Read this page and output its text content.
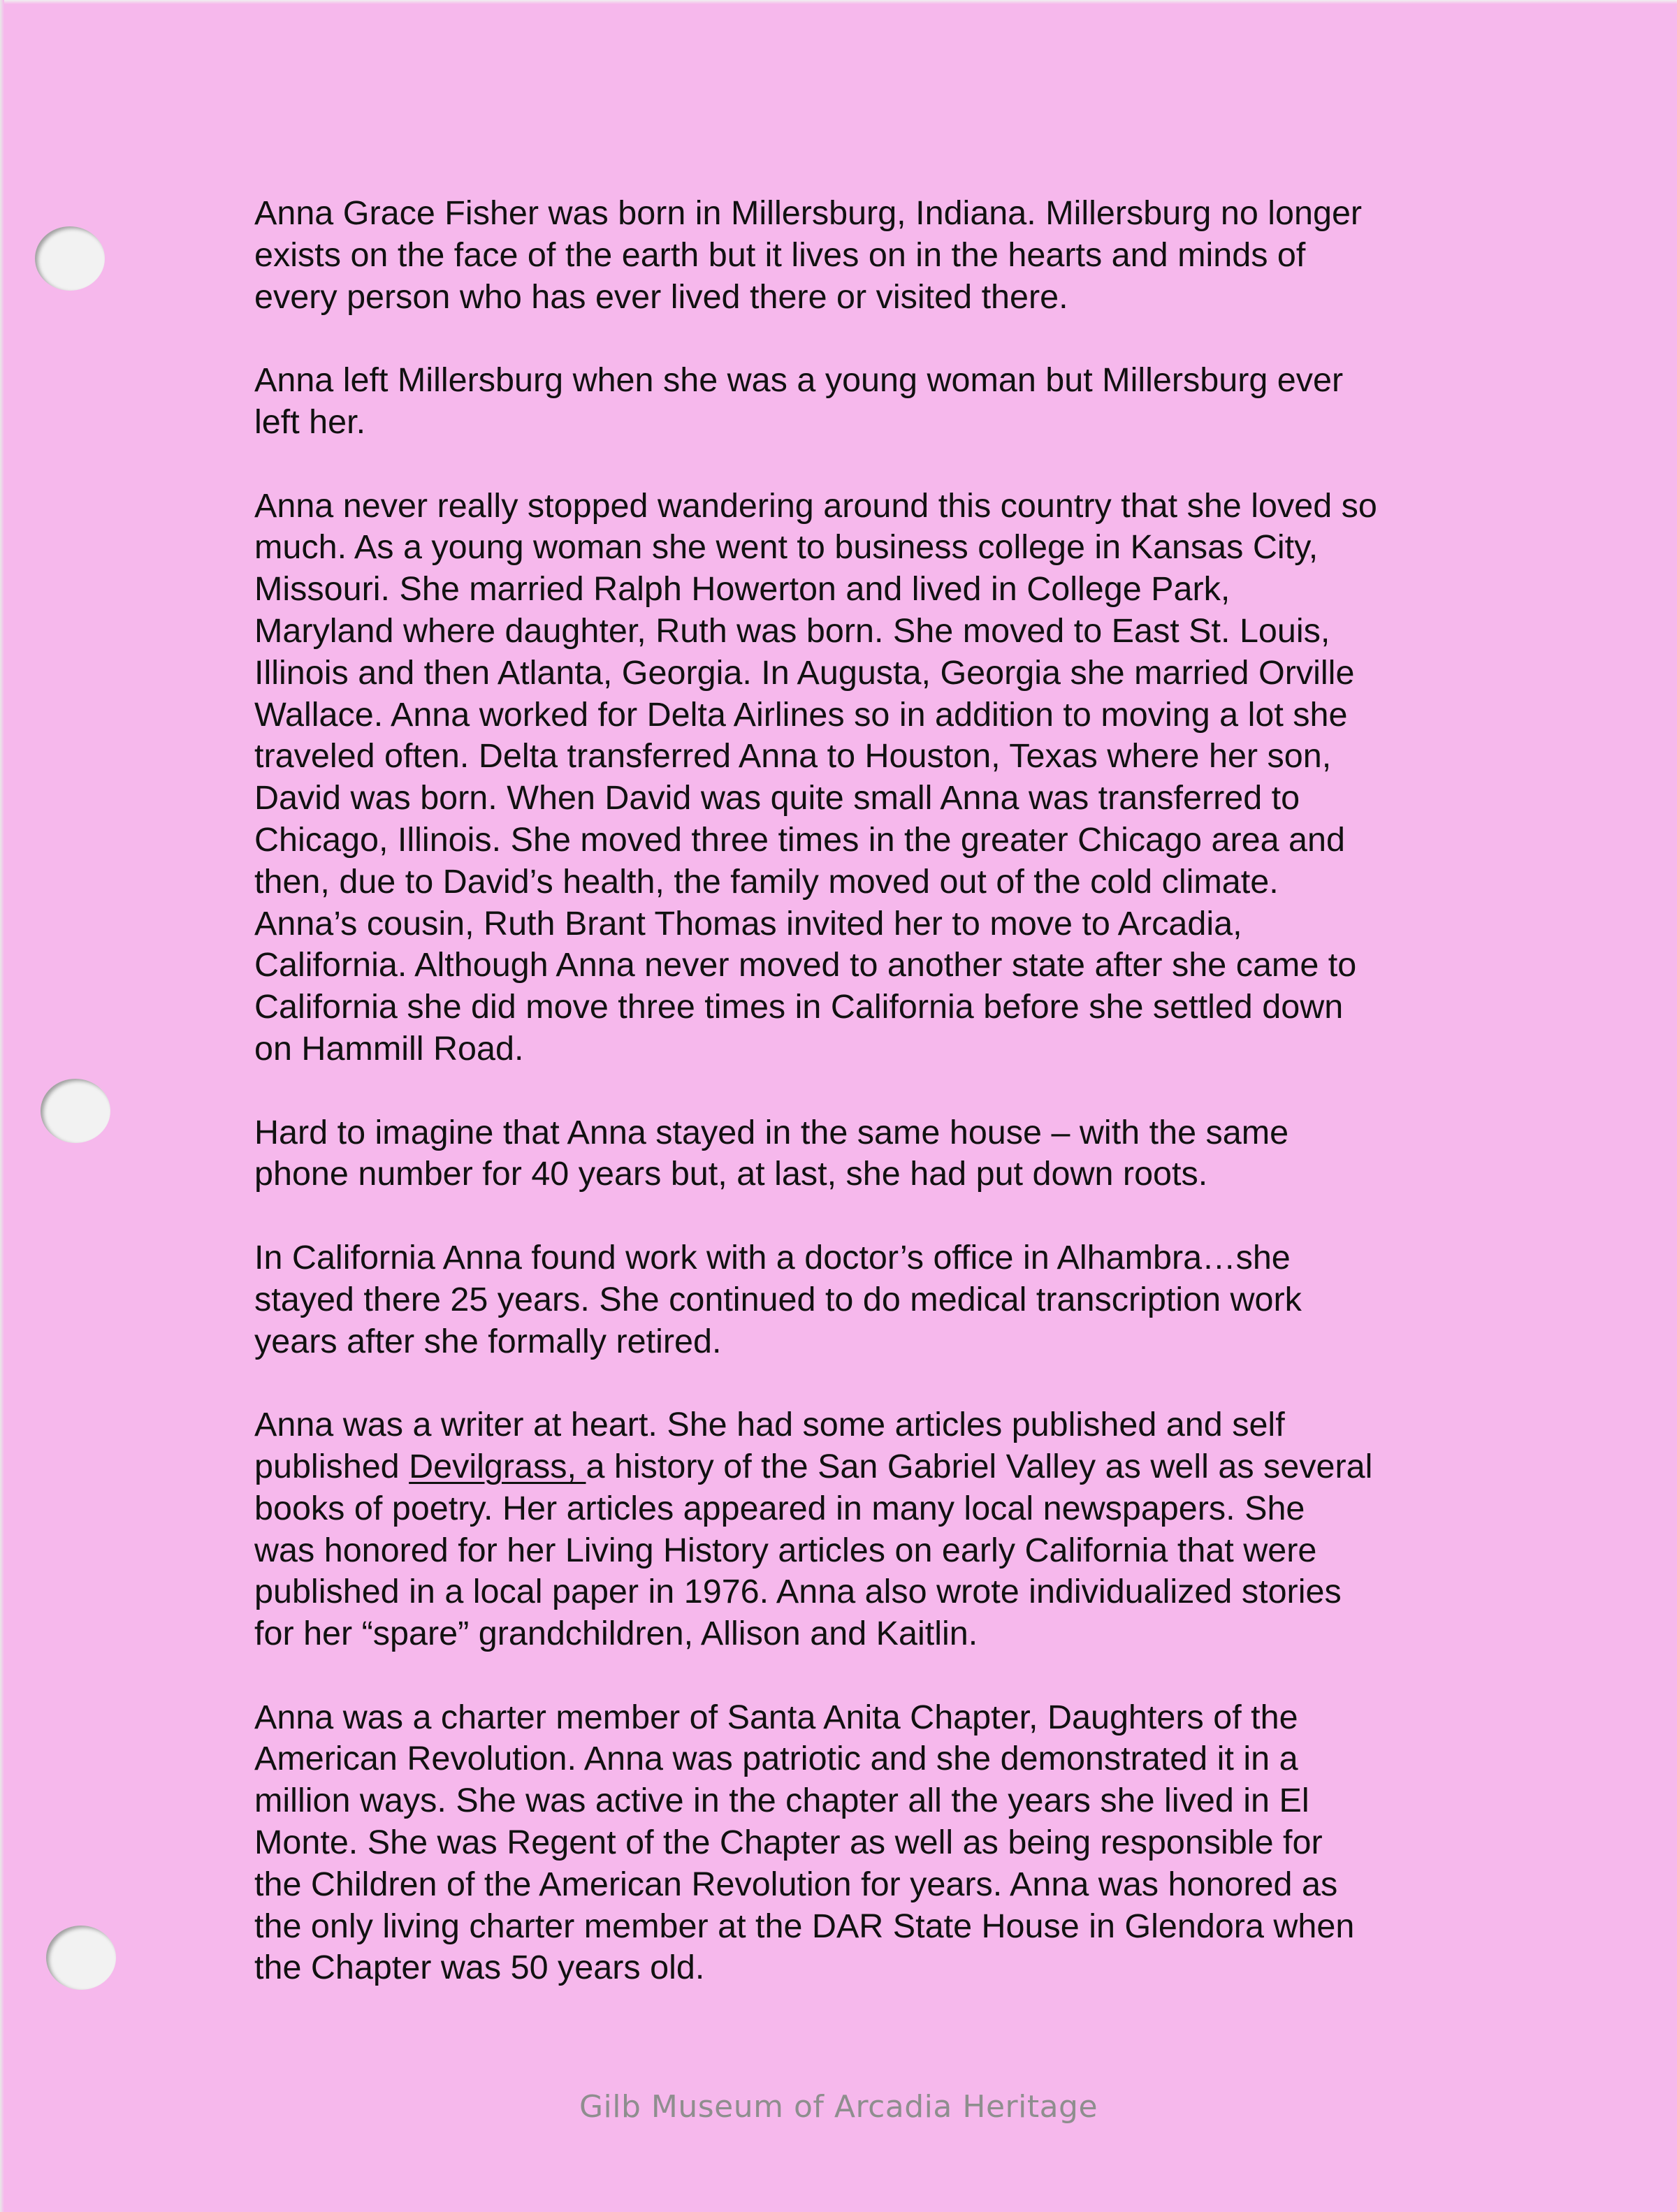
Anna Grace Fisher was born in Millersburg, Indiana. Millersburg no longer
exists on the face of the earth but it lives on in the hearts and minds of
every person who has ever lived there or visited there.

Anna left Millersburg when she was a young woman but Millersburg ever
left her.

Anna never really stopped wandering around this country that she loved so
much. As a young woman she went to business college in Kansas City,
Missouri. She married Ralph Howerton and lived in College Park,
Maryland where daughter, Ruth was born. She moved to East St. Louis,
Illinois and then Atlanta, Georgia. In Augusta, Georgia she married Orville
Wallace. Anna worked for Delta Airlines so in addition to moving a lot she
traveled often. Delta transferred Anna to Houston, Texas where her son,
David was born. When David was quite small Anna was transferred to
Chicago, Illinois. She moved three times in the greater Chicago area and
then, due to David’s health, the family moved out of the cold climate.
Anna’s cousin, Ruth Brant Thomas invited her to move to Arcadia,
California. Although Anna never moved to another state after she came to
California she did move three times in California before she settled down
on Hammill Road.

Hard to imagine that Anna stayed in the same house – with the same
phone number for 40 years but, at last, she had put down roots.

In California Anna found work with a doctor’s office in Alhambra…she
stayed there 25 years. She continued to do medical transcription work
years after she formally retired.

Anna was a writer at heart. She had some articles published and self
published Devilgrass, a history of the San Gabriel Valley as well as several
books of poetry. Her articles appeared in many local newspapers. She
was honored for her Living History articles on early California that were
published in a local paper in 1976. Anna also wrote individualized stories
for her “spare” grandchildren, Allison and Kaitlin.

Anna was a charter member of Santa Anita Chapter, Daughters of the
American Revolution. Anna was patriotic and she demonstrated it in a
million ways. She was active in the chapter all the years she lived in El
Monte. She was Regent of the Chapter as well as being responsible for
the Children of the American Revolution for years. Anna was honored as
the only living charter member at the DAR State House in Glendora when
the Chapter was 50 years old.

Gilb Museum of Arcadia Heritage
